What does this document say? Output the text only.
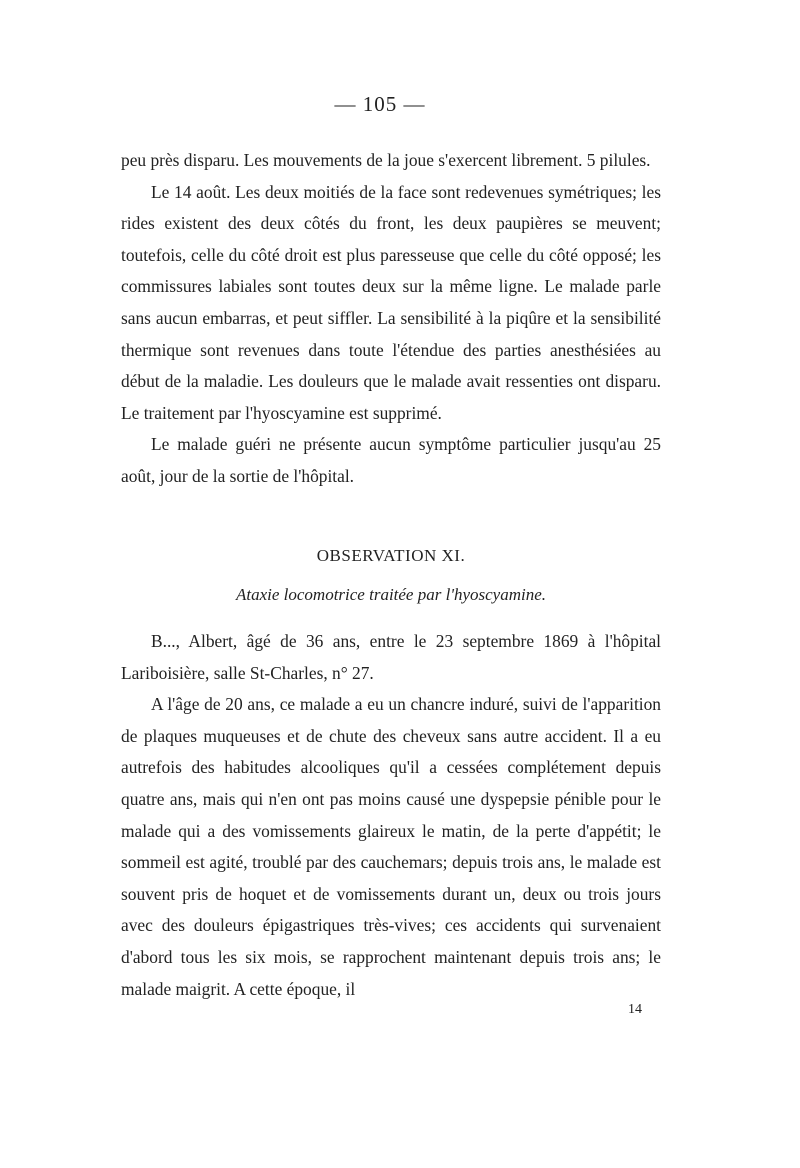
— 105 —

peu près disparu. Les mouvements de la joue s'exercent librement. 5 pilules.

Le 14 août. Les deux moitiés de la face sont redevenues symétriques; les rides existent des deux côtés du front, les deux paupières se meuvent; toutefois, celle du côté droit est plus paresseuse que celle du côté opposé; les commissures labiales sont toutes deux sur la même ligne. Le malade parle sans aucun embarras, et peut siffler. La sensibilité à la piqûre et la sensibilité thermique sont revenues dans toute l'étendue des parties anesthésiées au début de la maladie. Les douleurs que le malade avait ressenties ont disparu. Le traitement par l'hyoscyamine est supprimé.

Le malade guéri ne présente aucun symptôme particulier jusqu'au 25 août, jour de la sortie de l'hôpital.

OBSERVATION XI.
Ataxie locomotrice traitée par l'hyoscyamine.

B..., Albert, âgé de 36 ans, entre le 23 septembre 1869 à l'hôpital Lariboisière, salle St-Charles, n° 27.

A l'âge de 20 ans, ce malade a eu un chancre induré, suivi de l'apparition de plaques muqueuses et de chute des cheveux sans autre accident. Il a eu autrefois des habitudes alcooliques qu'il a cessées complétement depuis quatre ans, mais qui n'en ont pas moins causé une dyspepsie pénible pour le malade qui a des vomissements glaireux le matin, de la perte d'appétit; le sommeil est agité, troublé par des cauchemars; depuis trois ans, le malade est souvent pris de hoquet et de vomissements durant un, deux ou trois jours avec des douleurs épigastriques très-vives; ces accidents qui survenaient d'abord tous les six mois, se rapprochent maintenant depuis trois ans; le malade maigrit. A cette époque, il

14
